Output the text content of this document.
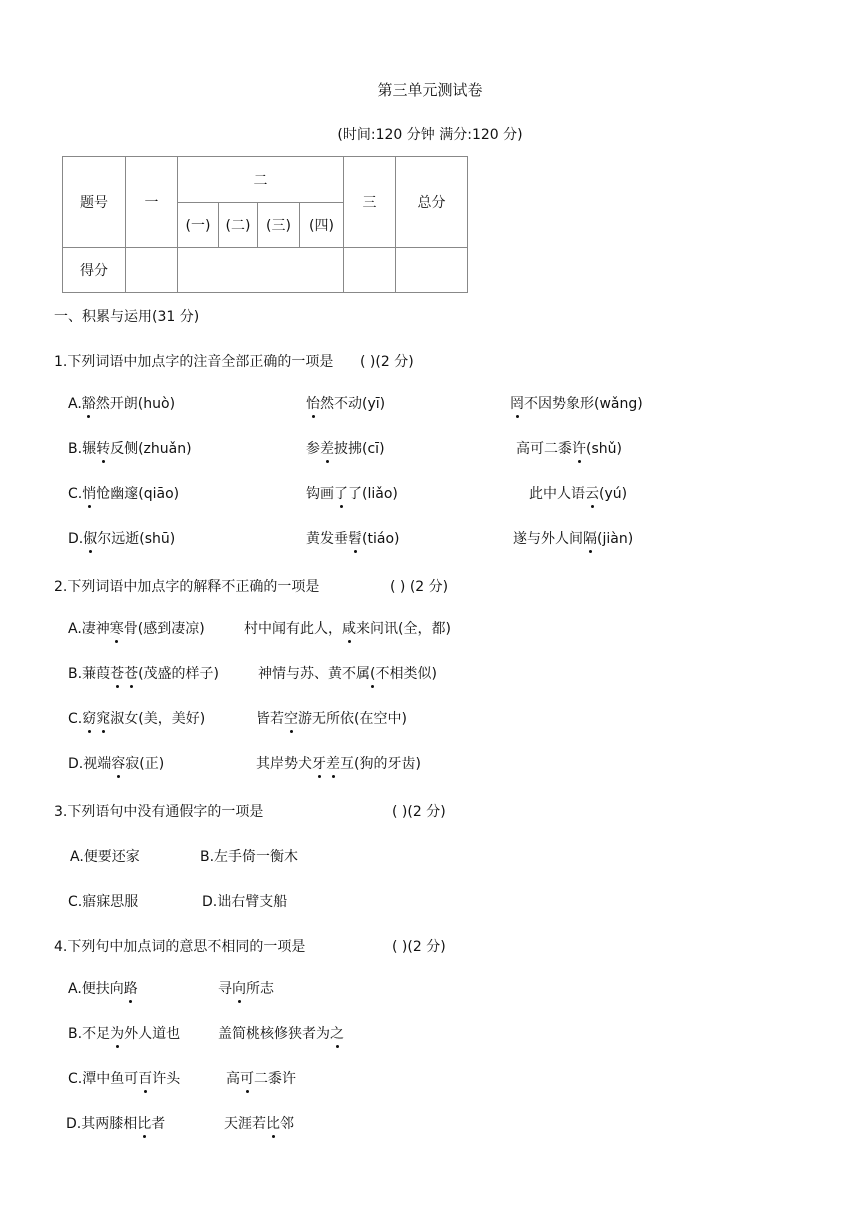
第三单元测试卷
(时间:120 分钟 满分:120 分)
题号	一	二				三	总分
		(一)	(二)	(三)	(四)		
得分							
一、积累与运用(31 分)
1.下列词语中加点字的注音全部正确的一项是 ( )(2 分)
A.豁然开朗(huò)	怡然不动(yī)	罔不因势象形(wǎng)
B.辗转反侧(zhuǎn)	参差披拂(cī)	高可二黍许(shǔ)
C.悄怆幽邃(qiāo)	钩画了了(liǎo)	此中人语云(yú)
D.俶尔远逝(shū)	黄发垂髫(tiáo)	遂与外人间隔(jiàn)
2.下列词语中加点字的解释不正确的一项是	( ) (2 分)
A.凄神寒骨(感到凄凉)	村中闻有此人，咸来问讯(全，都)
B.蒹葭苍苍(茂盛的样子)	神情与苏、黄不属(不相类似)
C.窈窕淑女(美，美好)	皆若空游无所依(在空中)
D.视端容寂(正)	其岸势犬牙差互(狗的牙齿)
3.下列语句中没有通假字的一项是	( )(2 分)
A.便要还家	B.左手倚一衡木
C.寤寐思服	D.诎右臂支船
4.下列句中加点词的意思不相同的一项是	( )(2 分)
A.便扶向路	寻向所志
B.不足为外人道也	盖简桃核修狭者为之
C.潭中鱼可百许头	高可二黍许
D.其两膝相比者	天涯若比邻
